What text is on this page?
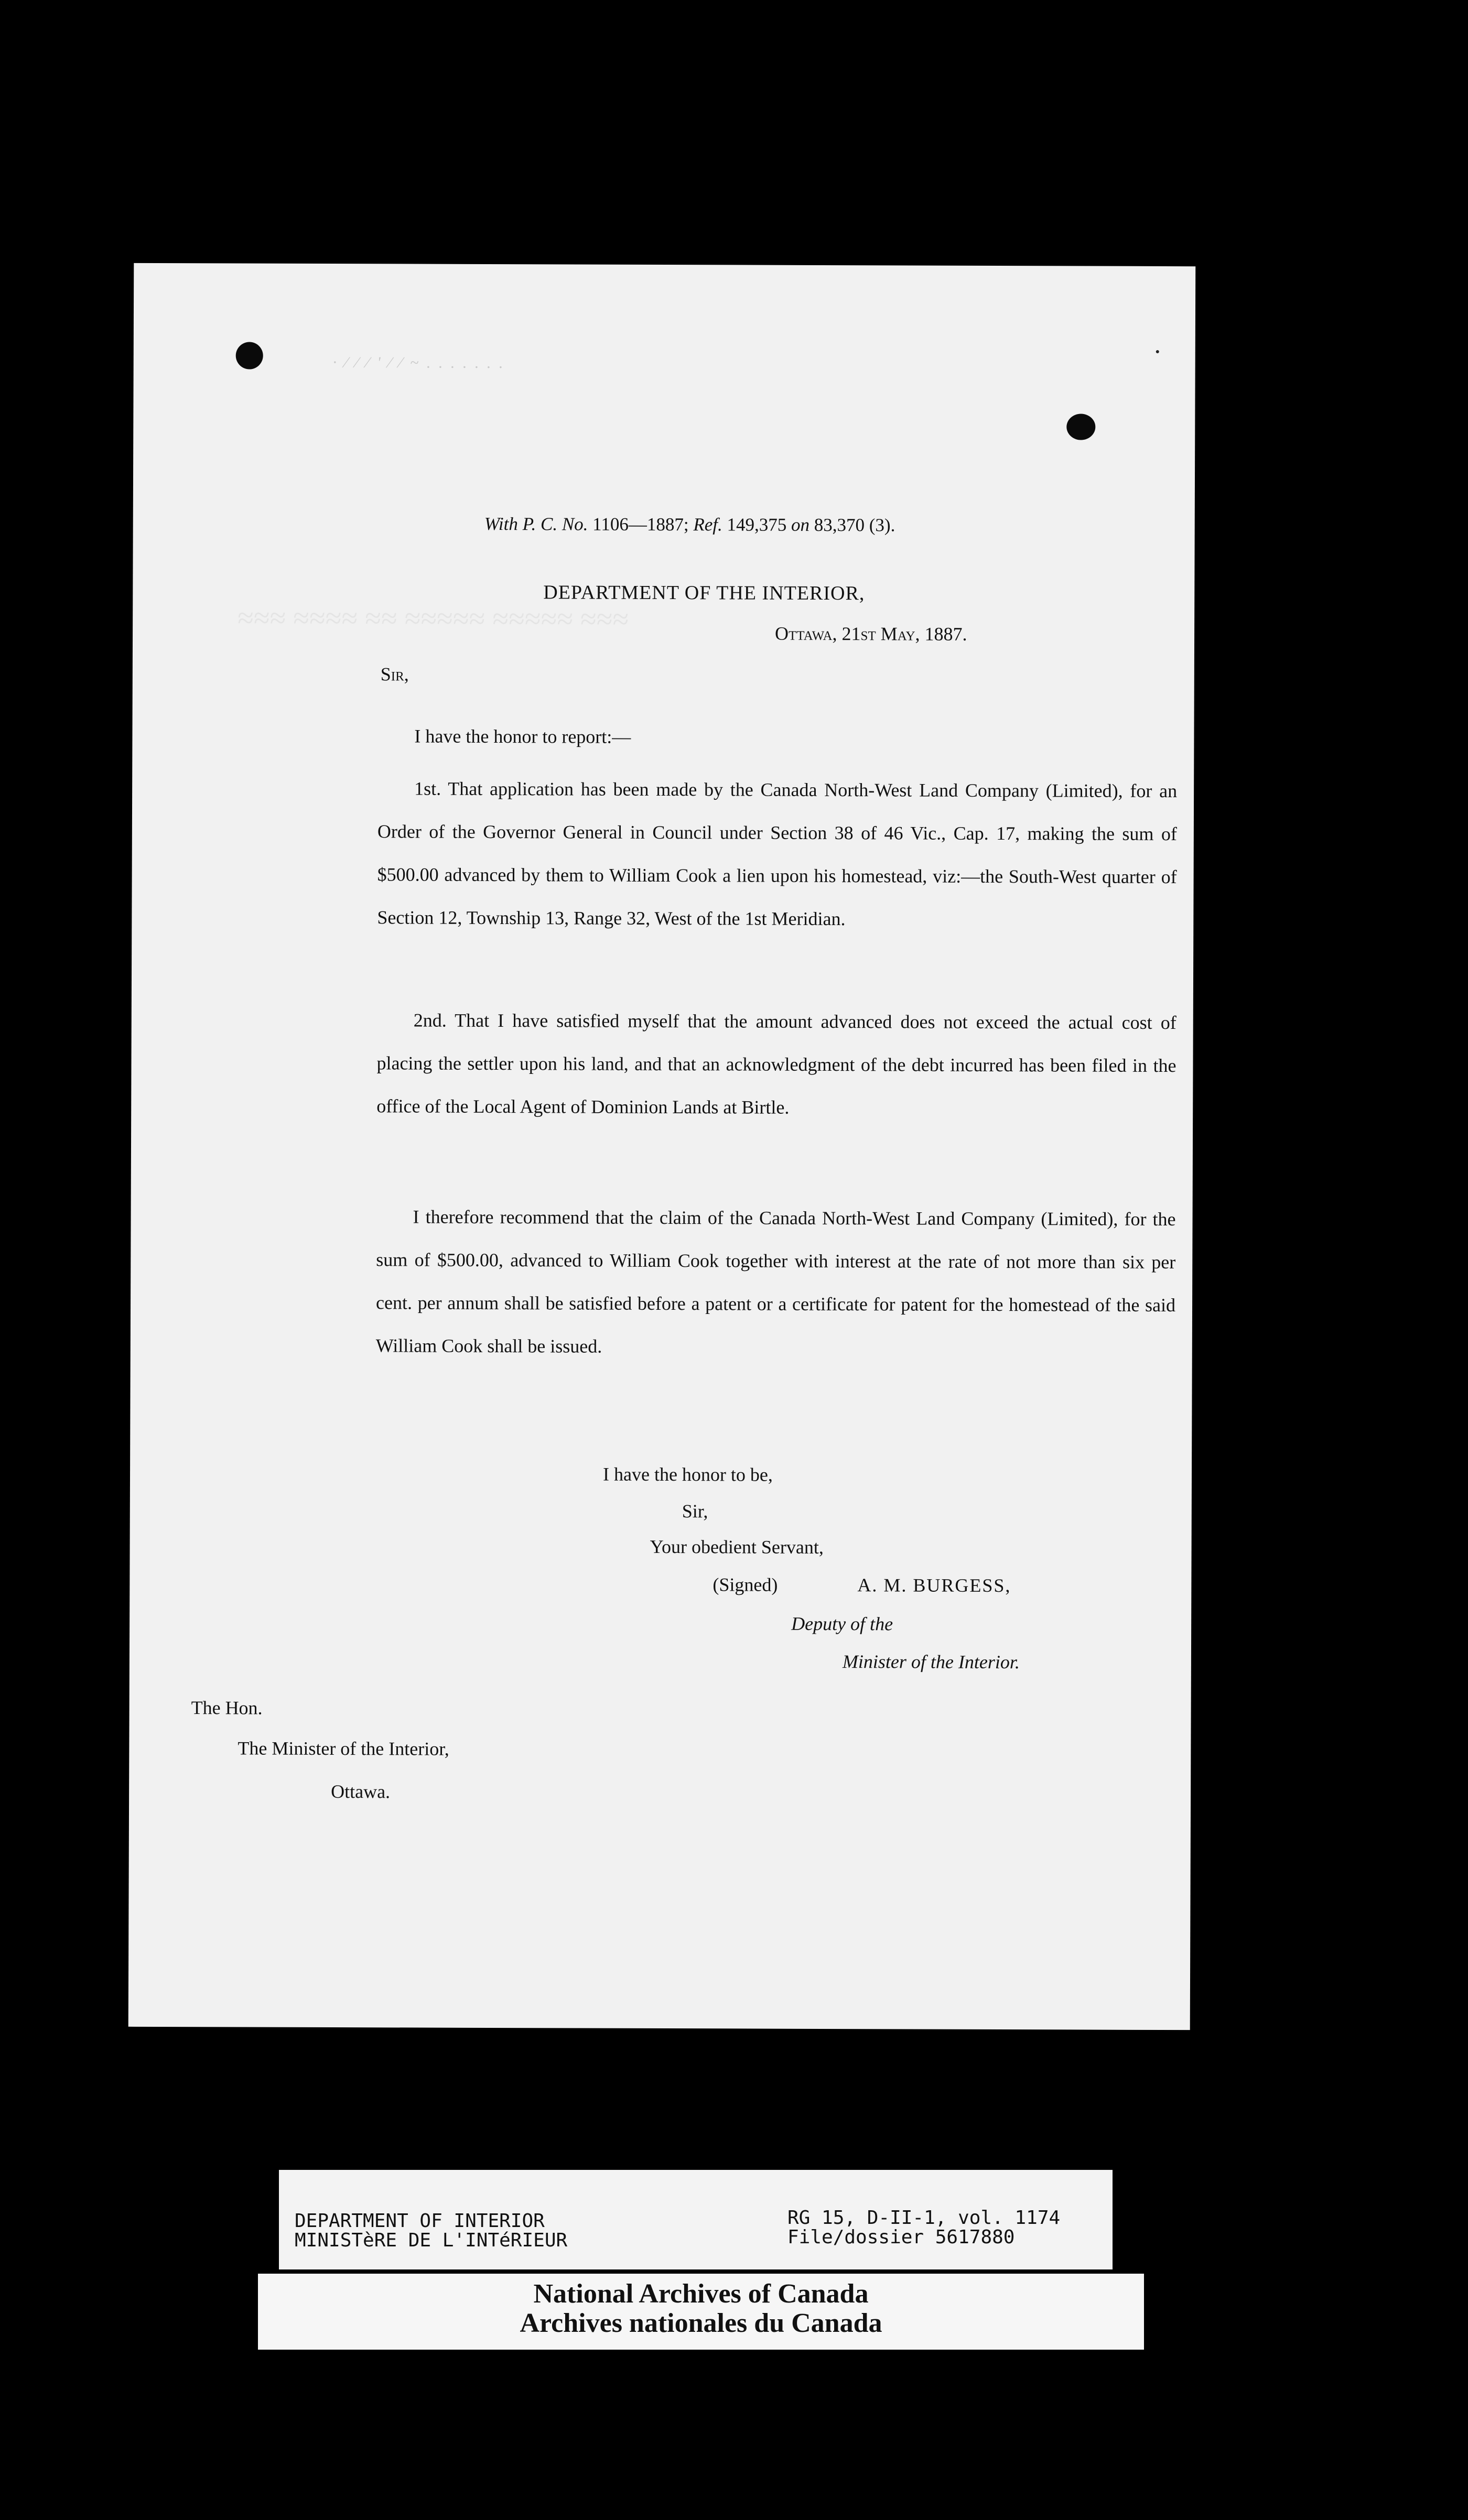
· ⁄ ⁄ ⁄ ' ⁄ ⁄ ~ . . . . . . .
≈≈≈ ≈≈≈≈ ≈≈ ≈≈≈≈≈ ≈≈≈≈≈ ≈≈≈
With P. C. No. 1106—1887; Ref. 149,375 on 83,370 (3).
DEPARTMENT OF THE INTERIOR,
Ottawa, 21st May, 1887.
Sir,
I have the honor to report:—
1st. That application has been made by the Canada North-West Land Company (Limited), for an Order of the Governor General in Council under Section 38 of 46 Vic., Cap. 17, making the sum of $500.00 advanced by them to William Cook a lien upon his homestead, viz:—the South-West quarter of Section 12, Township 13, Range 32, West of the 1st Meridian.
2nd. That I have satisfied myself that the amount advanced does not exceed the actual cost of placing the settler upon his land, and that an acknowledgment of the debt incurred has been filed in the office of the Local Agent of Dominion Lands at Birtle.
I therefore recommend that the claim of the Canada North-West Land Company (Limited), for the sum of $500.00, advanced to William Cook together with interest at the rate of not more than six per cent. per annum shall be satisfied before a patent or a certificate for patent for the homestead of the said William Cook shall be issued.
I have the honor to be,
Sir,
Your obedient Servant,
(Signed)	A. M. BURGESS,
Deputy of the
Minister of the Interior.
The Hon.
The Minister of the Interior,
Ottawa.
DEPARTMENT OF INTERIOR
MINISTèRE DE L'INTéRIEUR
RG 15, D-II-1, vol. 1174
File/dossier 5617880
National Archives of Canada
Archives nationales du Canada
